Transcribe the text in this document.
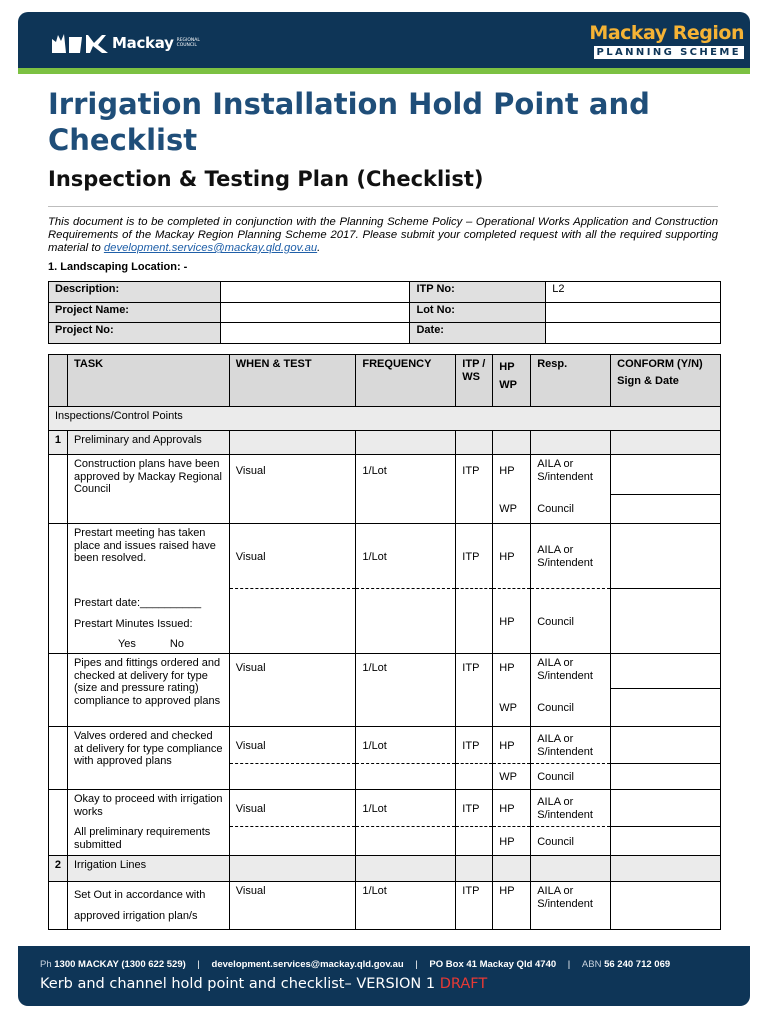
Mackay REGIONAL COUNCIL
Mackay Region
PLANNING SCHEME
Irrigation Installation Hold Point and Checklist
Inspection & Testing Plan (Checklist)

This document is to be completed in conjunction with the Planning Scheme Policy – Operational Works Application and Construction Requirements of the Mackay Region Planning Scheme 2017. Please submit your completed request with all the required supporting material to development.services@mackay.qld.gov.au.

1. Landscaping Location: -
Description:		ITP No:	L2
Project Name:		Lot No:	
Project No:		Date:	
	TASK	WHEN & TEST	FREQUENCY	ITP / WS	HP WP	Resp.	CONFORM (Y/N)
Sign & Date
Inspections/Control Points							
1	Preliminary and Approvals						
	Construction plans have been approved by Mackay Regional Council	Visual	1/Lot	ITP	HP	AILA or S/intendent	
					WP	Council	
	Prestart meeting has taken place and issues raised have been resolved.
Prestart date:__________
Prestart Minutes Issued:
Yes No	Visual	1/Lot	ITP	HP	AILA or S/intendent	
					HP	Council	
	Pipes and fittings ordered and checked at delivery for type (size and pressure rating) compliance to approved plans	Visual	1/Lot	ITP	HP	AILA or S/intendent	
					WP	Council	
	Valves ordered and checked at delivery for type compliance with approved plans	Visual	1/Lot	ITP	HP	AILA or S/intendent	
					WP	Council	
	Okay to proceed with irrigation works
All preliminary requirements submitted	Visual	1/Lot	ITP	HP	AILA or S/intendent	
					HP	Council	
2	Irrigation Lines						
	Set Out in accordance with approved irrigation plan/s	Visual	1/Lot	ITP	HP	AILA or S/intendent	
Ph 1300 MACKAY (1300 622 529) | development.services@mackay.qld.gov.au | PO Box 41 Mackay Qld 4740 | ABN 56 240 712 069
Kerb and channel hold point and checklist– VERSION 1 DRAFT
